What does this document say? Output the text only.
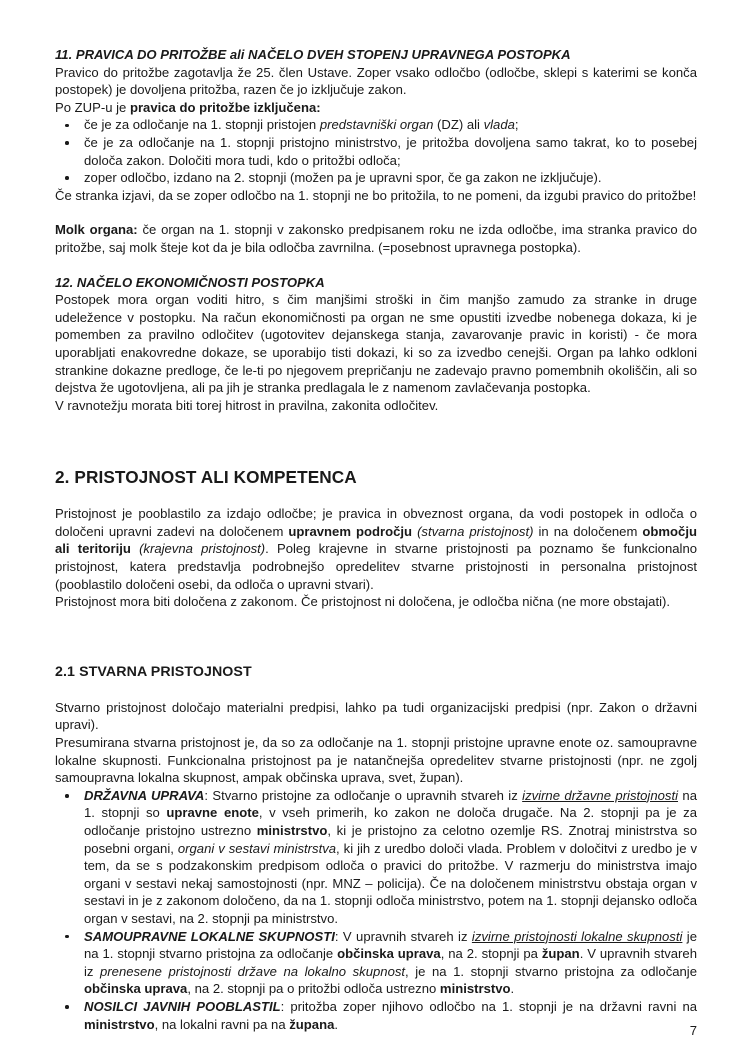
11. PRAVICA DO PRITOŽBE ali NAČELO DVEH STOPENJ UPRAVNEGA POSTOPKA

Pravico do pritožbe zagotavlja že 25. člen Ustave. Zoper vsako odločbo (odločbe, sklepi s katerimi se konča postopek) je dovoljena pritožba, razen če jo izključuje zakon.

Po ZUP-u je pravica do pritožbe izključena:

če je za odločanje na 1. stopnji pristojen predstavniški organ (DZ) ali vlada;
če je za odločanje na 1. stopnji pristojno ministrstvo, je pritožba dovoljena samo takrat, ko to posebej določa zakon. Določiti mora tudi, kdo o pritožbi odloča;
zoper odločbo, izdano na 2. stopnji (možen pa je upravni spor, če ga zakon ne izključuje).

Če stranka izjavi, da se zoper odločbo na 1. stopnji ne bo pritožila, to ne pomeni, da izgubi pravico do pritožbe!

Molk organa: če organ na 1. stopnji v zakonsko predpisanem roku ne izda odločbe, ima stranka pravico do pritožbe, saj molk šteje kot da je bila odločba zavrnilna. (=posebnost upravnega postopka).

12. NAČELO EKONOMIČNOSTI POSTOPKA

Postopek mora organ voditi hitro, s čim manjšimi stroški in čim manjšo zamudo za stranke in druge udeležence v postopku. Na račun ekonomičnosti pa organ ne sme opustiti izvedbe nobenega dokaza, ki je pomemben za pravilno odločitev (ugotovitev dejanskega stanja, zavarovanje pravic in koristi) - če mora uporabljati enakovredne dokaze, se uporabijo tisti dokazi, ki so za izvedbo cenejši. Organ pa lahko odkloni strankine dokazne predloge, če le-ti po njegovem prepričanju ne zadevajo pravno pomembnih okoliščin, ali so dejstva že ugotovljena, ali pa jih je stranka predlagala le z namenom zavlačevanja postopka.

V ravnotežju morata biti torej hitrost in pravilna, zakonita odločitev.

2. PRISTOJNOST ALI KOMPETENCA

Pristojnost je pooblastilo za izdajo odločbe; je pravica in obveznost organa, da vodi postopek in odloča o določeni upravni zadevi na določenem upravnem področju (stvarna pristojnost) in na določenem območju ali teritoriju (krajevna pristojnost). Poleg krajevne in stvarne pristojnosti pa poznamo še funkcionalno pristojnost, katera predstavlja podrobnejšo opredelitev stvarne pristojnosti in personalna pristojnost (pooblastilo določeni osebi, da odloča o upravni stvari).

Pristojnost mora biti določena z zakonom. Če pristojnost ni določena, je odločba nična (ne more obstajati).

2.1 STVARNA PRISTOJNOST

Stvarno pristojnost določajo materialni predpisi, lahko pa tudi organizacijski predpisi (npr. Zakon o državni upravi).

Presumirana stvarna pristojnost je, da so za odločanje na 1. stopnji pristojne upravne enote oz. samoupravne lokalne skupnosti. Funkcionalna pristojnost pa je natančnejša opredelitev stvarne pristojnosti (npr. ne zgolj samoupravna lokalna skupnost, ampak občinska uprava, svet, župan).

DRŽAVNA UPRAVA: Stvarno pristojne za odločanje o upravnih stvareh iz izvirne državne pristojnosti na 1. stopnji so upravne enote, v vseh primerih, ko zakon ne določa drugače. Na 2. stopnji pa je za odločanje pristojno ustrezno ministrstvo, ki je pristojno za celotno ozemlje RS. Znotraj ministrstva so posebni organi, organi v sestavi ministrstva, ki jih z uredbo določi vlada. Problem v določitvi z uredbo je v tem, da se s podzakonskim predpisom odloča o pravici do pritožbe. V razmerju do ministrstva imajo organi v sestavi nekaj samostojnosti (npr. MNZ – policija). Če na določenem ministrstvu obstaja organ v sestavi in je z zakonom določeno, da na 1. stopnji odloča ministrstvo, potem na 1. stopnji dejansko odloča organ v sestavi, na 2. stopnji pa ministrstvo.
SAMOUPRAVNE LOKALNE SKUPNOSTI: V upravnih stvareh iz izvirne pristojnosti lokalne skupnosti je na 1. stopnji stvarno pristojna za odločanje občinska uprava, na 2. stopnji pa župan. V upravnih stvareh iz prenesene pristojnosti države na lokalno skupnost, je na 1. stopnji stvarno pristojna za odločanje občinska uprava, na 2. stopnji pa o pritožbi odloča ustrezno ministrstvo.
NOSILCI JAVNIH POOBLASTIL: pritožba zoper njihovo odločbo na 1. stopnji je na državni ravni na ministrstvo, na lokalni ravni pa na župana.	7
